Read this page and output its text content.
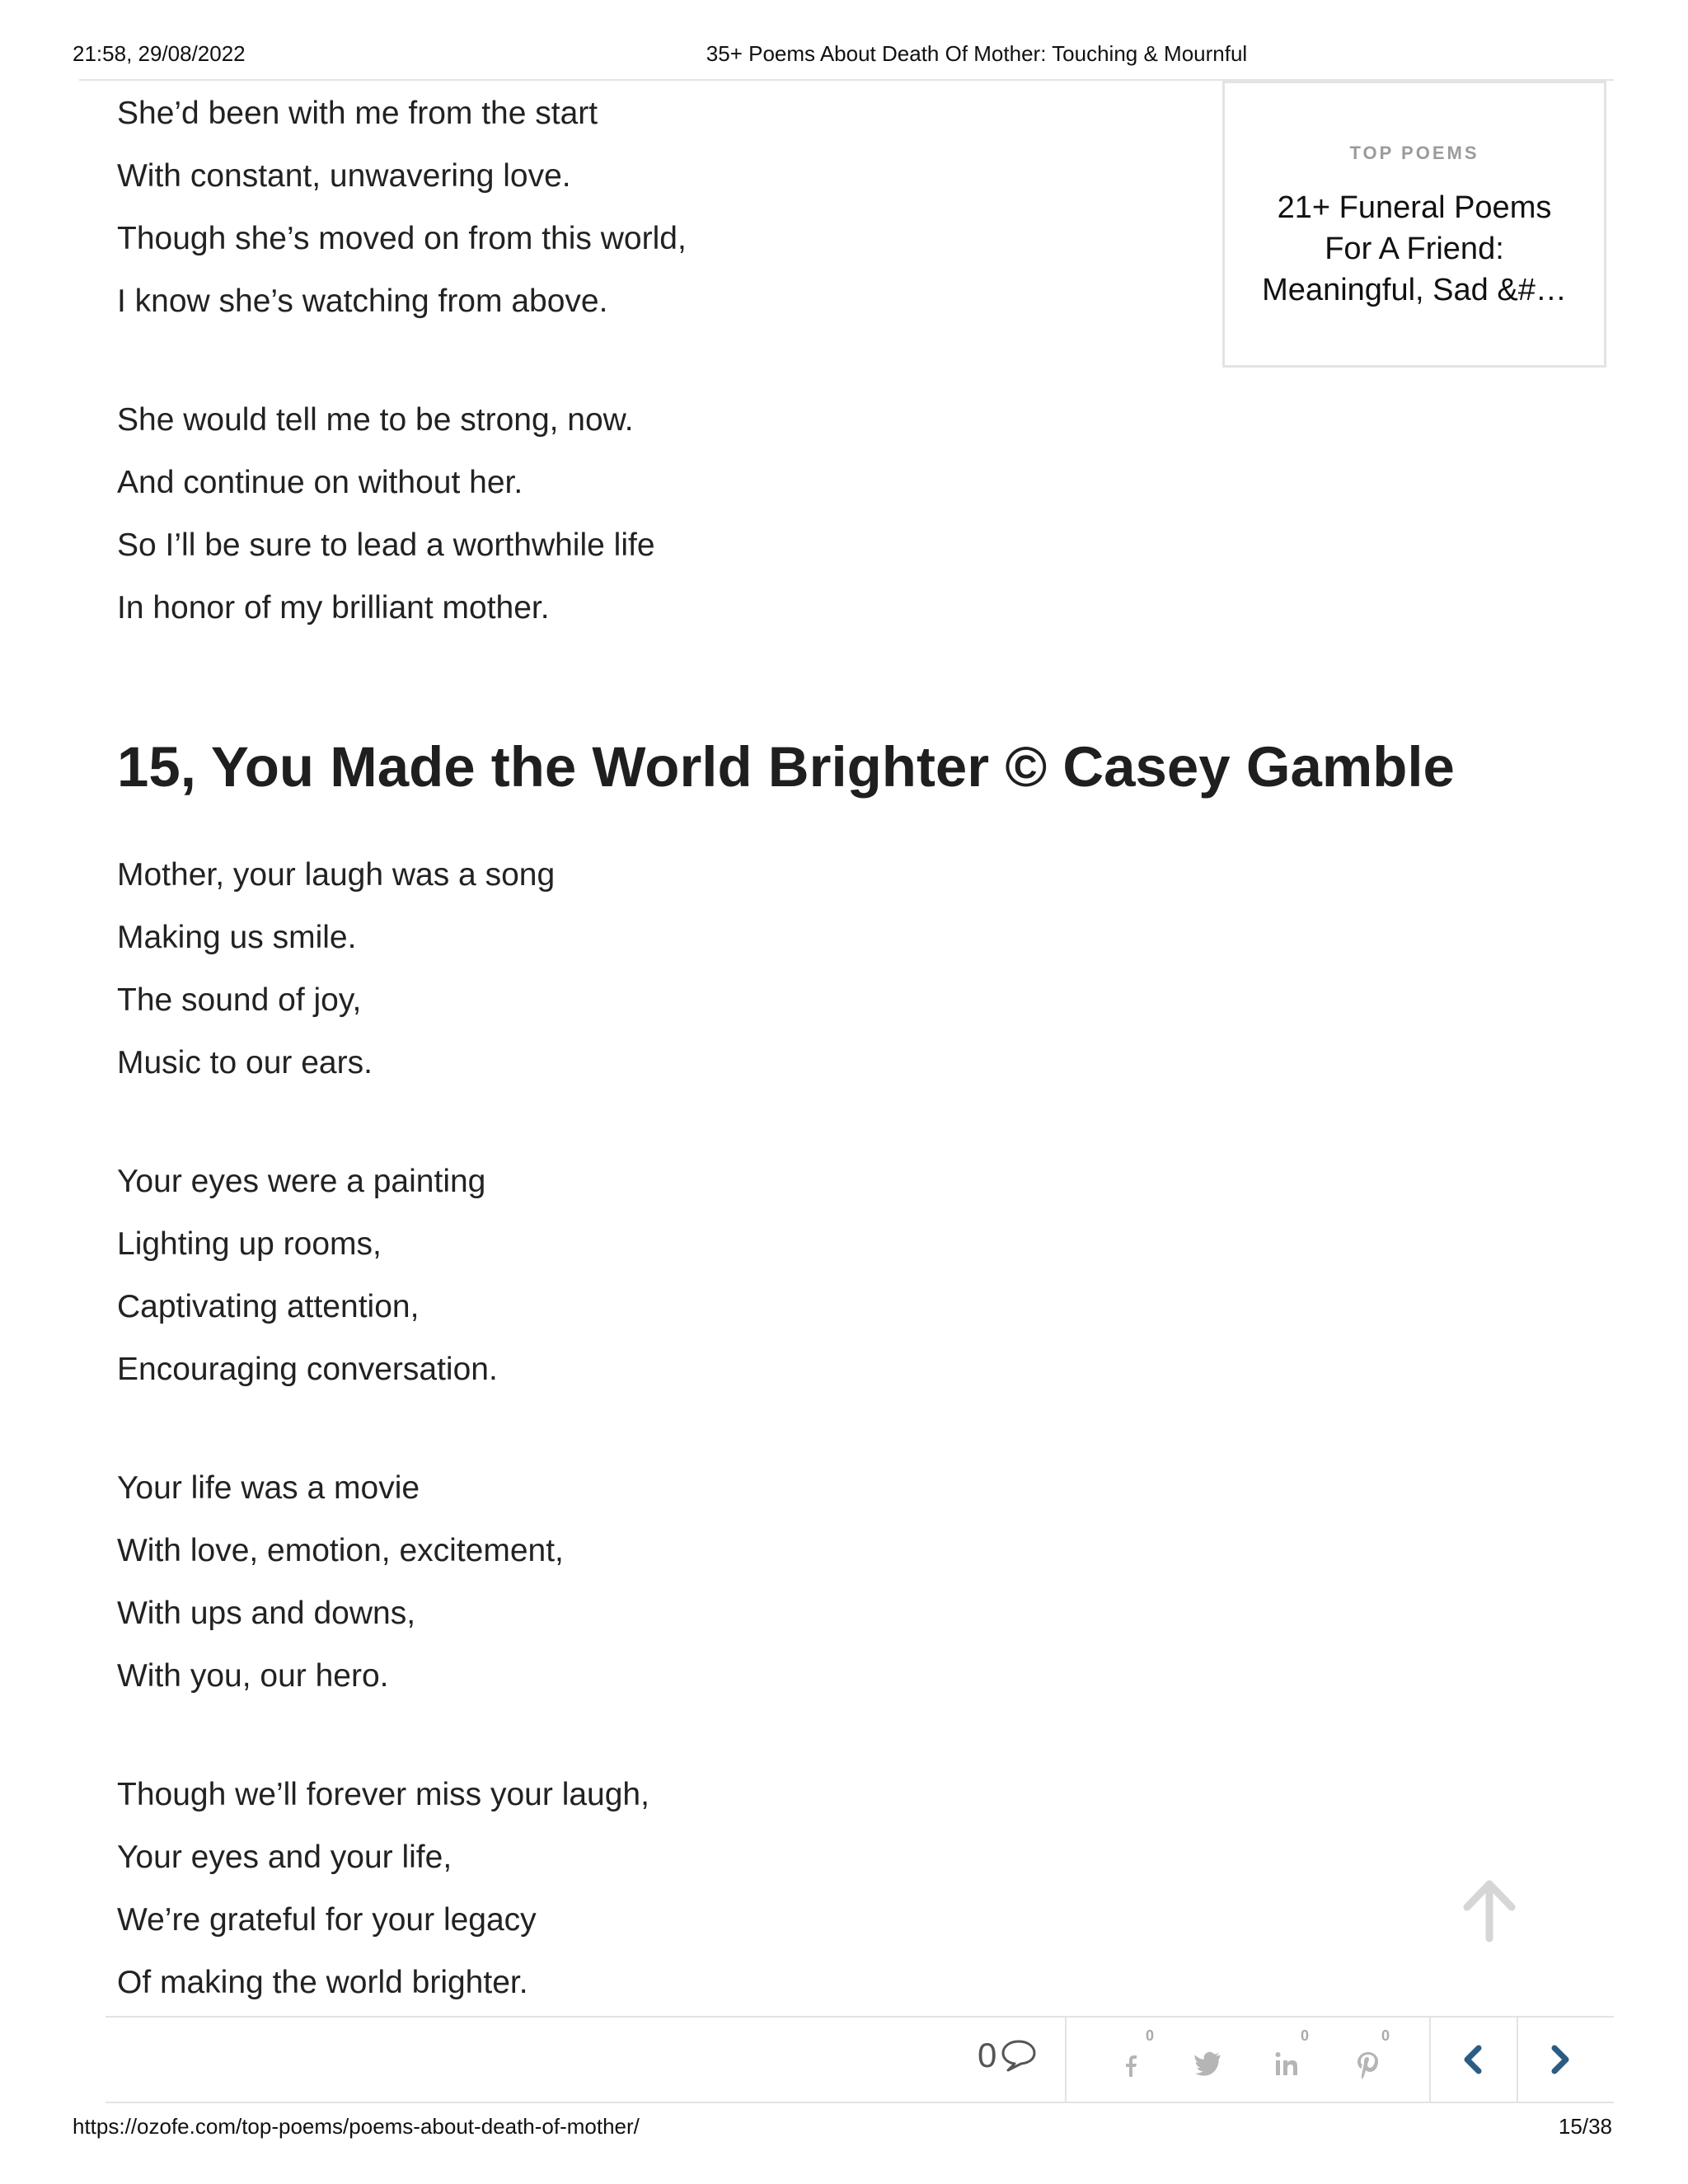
21:58, 29/08/2022	35+ Poems About Death Of Mother: Touching & Mournful
She’d been with me from the start
With constant, unwavering love.
Though she’s moved on from this world,
I know she’s watching from above.
She would tell me to be strong, now.
And continue on without her.
So I’ll be sure to lead a worthwhile life
In honor of my brilliant mother.
15, You Made the World Brighter © Casey Gamble
Mother, your laugh was a song
Making us smile.
The sound of joy,
Music to our ears.
Your eyes were a painting
Lighting up rooms,
Captivating attention,
Encouraging conversation.
Your life was a movie
With love, emotion, excitement,
With ups and downs,
With you, our hero.
Though we’ll forever miss your laugh,
Your eyes and your life,
We’re grateful for your legacy
Of making the world brighter.
TOP POEMS
21+ Funeral Poems For A Friend: Meaningful, Sad &#…
0	0	0	0
https://ozofe.com/top-poems/poems-about-death-of-mother/	15/38
